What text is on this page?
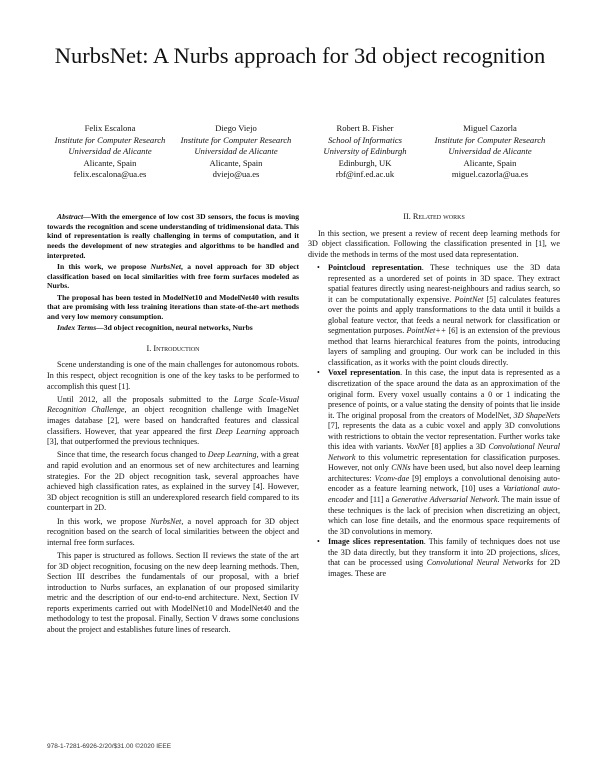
NurbsNet: A Nurbs approach for 3d object recognition
Felix Escalona
Institute for Computer Research
Universidad de Alicante
Alicante, Spain
felix.escalona@ua.es
Diego Viejo
Institute for Computer Research
Universidad de Alicante
Alicante, Spain
dviejo@ua.es
Robert B. Fisher
School of Informatics
University of Edinburgh
Edinburgh, UK
rbf@inf.ed.ac.uk
Miguel Cazorla
Institute for Computer Research
Universidad de Alicante
Alicante, Spain
miguel.cazorla@ua.es

Abstract—With the emergence of low cost 3D sensors, the focus is moving towards the recognition and scene understanding of tridimensional data. This kind of representation is really challenging in terms of computation, and it needs the development of new strategies and algorithms to be handled and interpreted.

In this work, we propose NurbsNet, a novel approach for 3D object classification based on local similarities with free form surfaces modeled as Nurbs.

The proposal has been tested in ModelNet10 and ModelNet40 with results that are promising with less training iterations than state-of-the-art methods and very low memory consumption.

Index Terms—3d object recognition, neural networks, Nurbs

I. Introduction

Scene understanding is one of the main challenges for autonomous robots. In this respect, object recognition is one of the key tasks to be performed to accomplish this quest [1].

Until 2012, all the proposals submitted to the Large Scale-Visual Recognition Challenge, an object recognition challenge with ImageNet images database [2], were based on handcrafted features and classical classifiers. However, that year appeared the first Deep Learning approach [3], that outperformed the previous techniques.

Since that time, the research focus changed to Deep Learning, with a great and rapid evolution and an enormous set of new architectures and learning strategies. For the 2D object recognition task, several approaches have achieved high classification rates, as explained in the survey [4]. However, 3D object recognition is still an underexplored research field compared to its counterpart in 2D.

In this work, we propose NurbsNet, a novel approach for 3D object recognition based on the search of local similarities between the object and internal free form surfaces.

This paper is structured as follows. Section II reviews the state of the art for 3D object recognition, focusing on the new deep learning methods. Then, Section III describes the fundamentals of our proposal, with a brief introduction to Nurbs surfaces, an explanation of our proposed similarity metric and the description of our end-to-end architecture. Next, Section IV reports experiments carried out with ModelNet10 and ModelNet40 and the methodology to test the proposal. Finally, Section V draws some conclusions about the project and establishes future lines of research.

II. Related works

In this section, we present a review of recent deep learning methods for 3D object classification. Following the classification presented in [1], we divide the methods in terms of the most used data representation.

• Pointcloud representation. These techniques use the 3D data represented as a unordered set of points in 3D space. They extract spatial features directly using nearest-neighbours and radius search, so it can be computationally expensive. PointNet [5] calculates features over the points and apply transformations to the data until it builds a global feature vector, that feeds a neural network for classification or segmentation purposes. PointNet++ [6] is an extension of the previous method that learns hierarchical features from the points, introducing layers of sampling and grouping. Our work can be included in this classification, as it works with the point clouds directly.
• Voxel representation. In this case, the input data is represented as a discretization of the space around the data as an approximation of the original form. Every voxel usually contains a 0 or 1 indicating the presence of points, or a value stating the density of points that lie inside it. The original proposal from the creators of ModelNet, 3D ShapeNets [7], represents the data as a cubic voxel and apply 3D convolutions with restrictions to obtain the vector representation. Further works take this idea with variants. VoxNet [8] applies a 3D Convolutional Neural Network to this volumetric representation for classification purposes. However, not only CNNs have been used, but also novel deep learning architectures: Vconv-dae [9] employs a convolutional denoising auto-encoder as a feature learning network, [10] uses a Variational auto-encoder and [11] a Generative Adversarial Network. The main issue of these techniques is the lack of precision when discretizing an object, which can lose fine details, and the enormous space requirements of the 3D convolutions in memory.
• Image slices representation. This family of techniques does not use the 3D data directly, but they transform it into 2D projections, slices, that can be processed using Convolutional Neural Networks for 2D images. These are
978-1-7281-6926-2/20/$31.00 ©2020 IEEE
